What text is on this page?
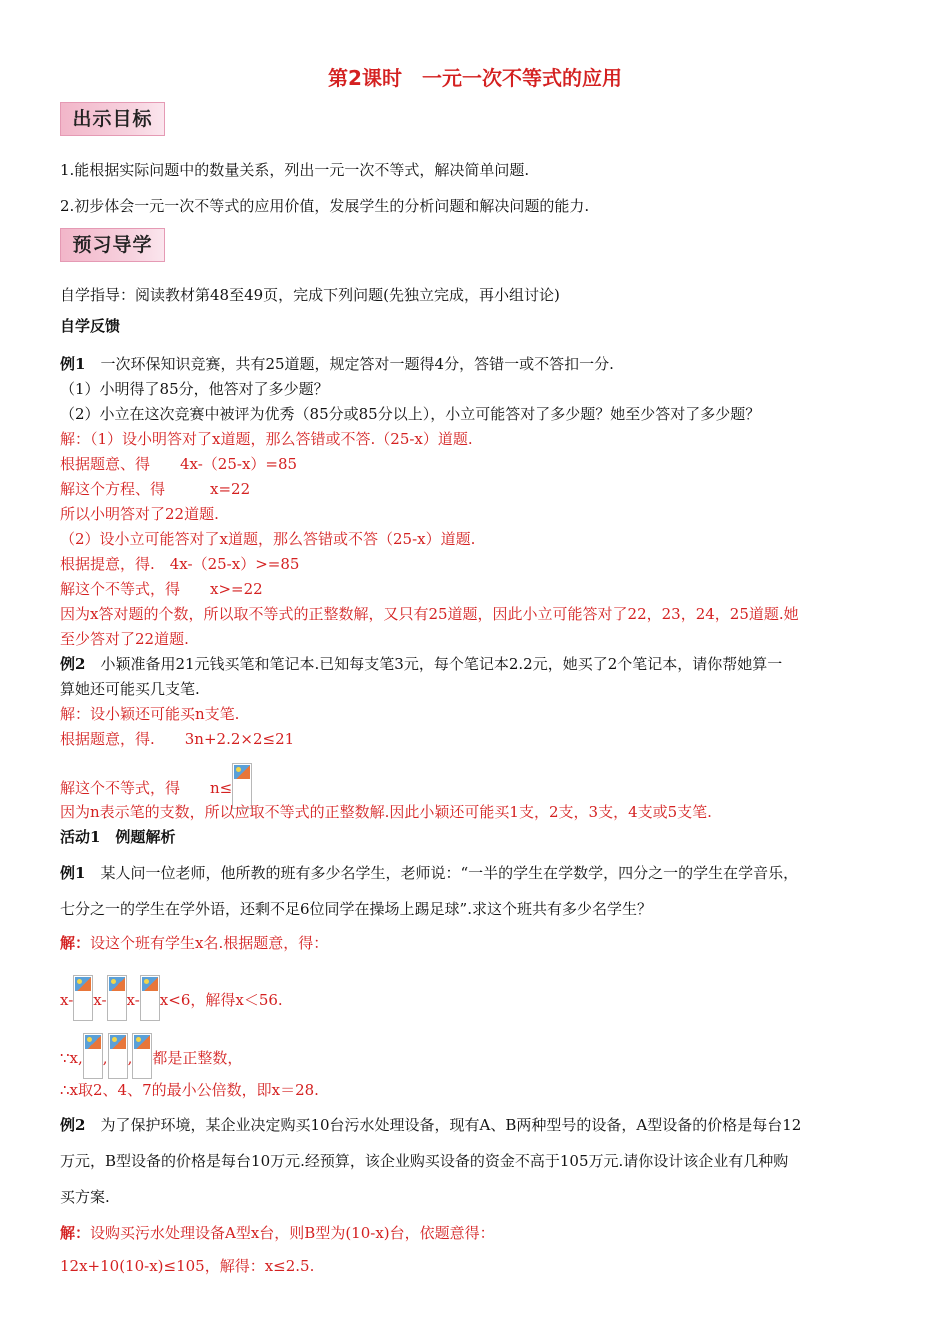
第2课时　一元一次不等式的应用
出示目标
1.能根据实际问题中的数量关系，列出一元一次不等式，解决简单问题.
2.初步体会一元一次不等式的应用价值，发展学生的分析问题和解决问题的能力.
预习导学
自学指导：阅读教材第48至49页，完成下列问题(先独立完成，再小组讨论)
自学反馈
例1　一次环保知识竞赛，共有25道题，规定答对一题得4分，答错一或不答扣一分.
（1）小明得了85分，他答对了多少题？
（2）小立在这次竞赛中被评为优秀（85分或85分以上），小立可能答对了多少题？她至少答对了多少题？
解：（1）设小明答对了x道题，那么答错或不答.（25-x）道题.
根据题意、得　　4x-（25-x）=85
解这个方程、得　　　x=22
所以小明答对了22道题.
（2）设小立可能答对了x道题，那么答错或不答（25-x）道题.
根据提意，得.　4x-（25-x）>=85
解这个不等式，得　　x>=22
因为x答对题的个数，所以取不等式的正整数解，又只有25道题，因此小立可能答对了22，23，24，25道题.她
至少答对了22道题.
例2　小颖准备用21元钱买笔和笔记本.已知每支笔3元，每个笔记本2.2元，她买了2个笔记本，请你帮她算一
算她还可能买几支笔.
解：设小颖还可能买n支笔.
根据题意，得.　　3n+2.2×2≤21
解这个不等式，得　　n≤
因为n表示笔的支数，所以应取不等式的正整数解.因此小颖还可能买1支，2支，3支，4支或5支笔.
活动1　例题解析
例1　某人问一位老师，他所教的班有多少名学生，老师说：“一半的学生在学数学，四分之一的学生在学音乐，
七分之一的学生在学外语，还剩不足6位同学在操场上踢足球”.求这个班共有多少名学生？
解：设这个班有学生x名.根据题意，得：
x- x- x- x<6，解得x＜56.
∵x, , , 都是正整数，
∴x取2、4、7的最小公倍数，即x＝28.
例2　为了保护环境，某企业决定购买10台污水处理设备，现有A、B两种型号的设备，A型设备的价格是每台12
万元，B型设备的价格是每台10万元.经预算，该企业购买设备的资金不高于105万元.请你设计该企业有几种购
买方案.
解：设购买污水处理设备A型x台，则B型为(10-x)台，依题意得：
12x+10(10-x)≤105，解得：x≤2.5.
